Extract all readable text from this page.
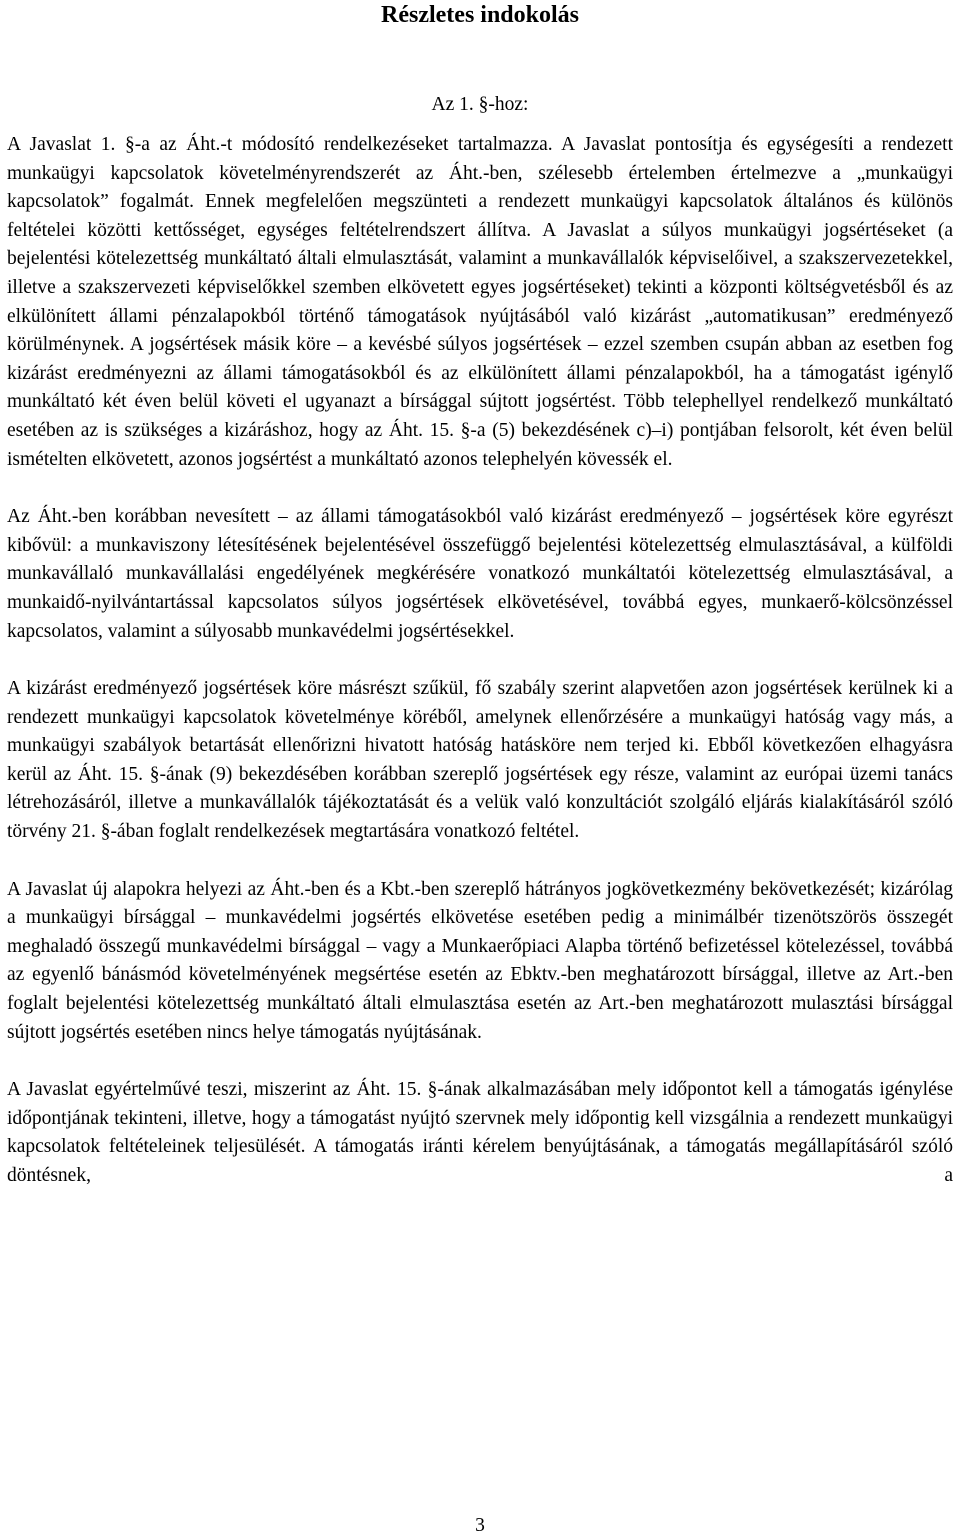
Részletes indokolás
Az 1. §-hoz:

A Javaslat 1. §-a az Áht.-t módosító rendelkezéseket tartalmazza. A Javaslat pontosítja és egységesíti a rendezett munkaügyi kapcsolatok követelményrendszerét az Áht.-ben, szélesebb értelemben értelmezve a „munkaügyi kapcsolatok” fogalmát. Ennek megfelelően megszünteti a rendezett munkaügyi kapcsolatok általános és különös feltételei közötti kettősséget, egységes feltételrendszert állítva. A Javaslat a súlyos munkaügyi jogsértéseket (a bejelentési kötelezettség munkáltató általi elmulasztását, valamint a munkavállalók képviselőivel, a szakszervezetekkel, illetve a szakszervezeti képviselőkkel szemben elkövetett egyes jogsértéseket) tekinti a központi költségvetésből és az elkülönített állami pénzalapokból történő támogatások nyújtásából való kizárást „automatikusan” eredményező körülménynek. A jogsértések másik köre – a kevésbé súlyos jogsértések – ezzel szemben csupán abban az esetben fog kizárást eredményezni az állami támogatásokból és az elkülönített állami pénzalapokból, ha a támogatást igénylő munkáltató két éven belül követi el ugyanazt a bírsággal sújtott jogsértést. Több telephellyel rendelkező munkáltató esetében az is szükséges a kizáráshoz, hogy az Áht. 15. §-a (5) bekezdésének c)–i) pontjában felsorolt, két éven belül ismételten elkövetett, azonos jogsértést a munkáltató azonos telephelyén kövessék el.

Az Áht.-ben korábban nevesített – az állami támogatásokból való kizárást eredményező – jogsértések köre egyrészt kibővül: a munkaviszony létesítésének bejelentésével összefüggő bejelentési kötelezettség elmulasztásával, a külföldi munkavállaló munkavállalási engedélyének megkérésére vonatkozó munkáltatói kötelezettség elmulasztásával, a munkaidő-nyilvántartással kapcsolatos súlyos jogsértések elkövetésével, továbbá egyes, munkaerő-kölcsönzéssel kapcsolatos, valamint a súlyosabb munkavédelmi jogsértésekkel.

A kizárást eredményező jogsértések köre másrészt szűkül, fő szabály szerint alapvetően azon jogsértések kerülnek ki a rendezett munkaügyi kapcsolatok követelménye köréből, amelynek ellenőrzésére a munkaügyi hatóság vagy más, a munkaügyi szabályok betartását ellenőrizni hivatott hatóság hatásköre nem terjed ki. Ebből következően elhagyásra kerül az Áht. 15. §-ának (9) bekezdésében korábban szereplő jogsértések egy része, valamint az európai üzemi tanács létrehozásáról, illetve a munkavállalók tájékoztatását és a velük való konzultációt szolgáló eljárás kialakításáról szóló törvény 21. §-ában foglalt rendelkezések megtartására vonatkozó feltétel.

A Javaslat új alapokra helyezi az Áht.-ben és a Kbt.-ben szereplő hátrányos jogkövetkezmény bekövetkezését; kizárólag a munkaügyi bírsággal – munkavédelmi jogsértés elkövetése esetében pedig a minimálbér tizenötszörös összegét meghaladó összegű munkavédelmi bírsággal – vagy a Munkaerőpiaci Alapba történő befizetéssel kötelezéssel, továbbá az egyenlő bánásmód követelményének megsértése esetén az Ebktv.-ben meghatározott bírsággal, illetve az Art.-ben foglalt bejelentési kötelezettség munkáltató általi elmulasztása esetén az Art.-ben meghatározott mulasztási bírsággal sújtott jogsértés esetében nincs helye támogatás nyújtásának.

A Javaslat egyértelművé teszi, miszerint az Áht. 15. §-ának alkalmazásában mely időpontot kell a támogatás igénylése időpontjának tekinteni, illetve, hogy a támogatást nyújtó szervnek mely időpontig kell vizsgálnia a rendezett munkaügyi kapcsolatok feltételeinek teljesülését. A támogatás iránti kérelem benyújtásának, a támogatás megállapításáról szóló döntésnek, a

3
